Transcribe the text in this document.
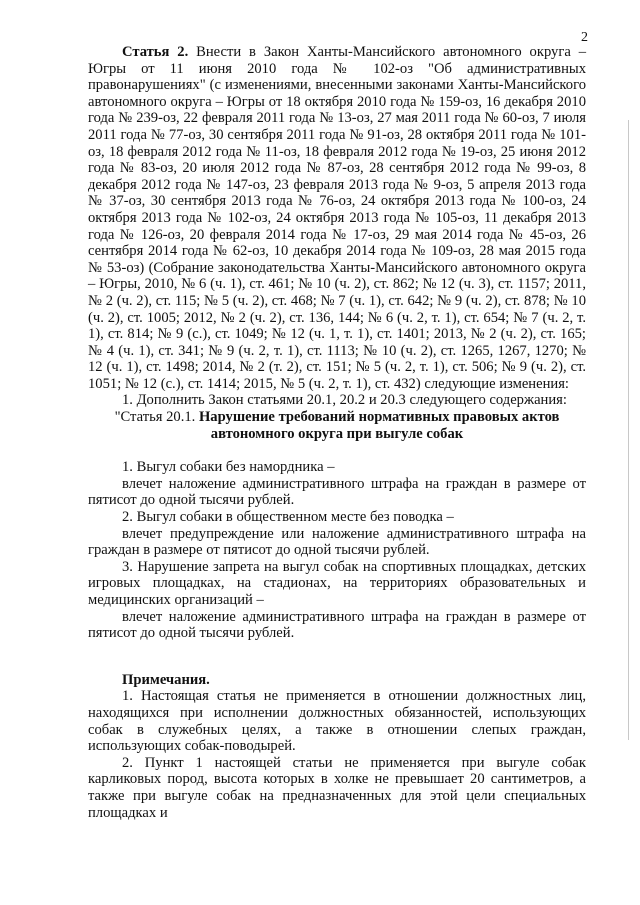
2

Статья 2. Внести в Закон Ханты-Мансийского автономного округа – Югры от 11 июня 2010 года № 102-оз "Об административных правонарушениях" (с изменениями, внесенными законами Ханты-Мансийского автономного округа – Югры от 18 октября 2010 года № 159-оз, 16 декабря 2010 года № 239-оз, 22 февраля 2011 года № 13-оз, 27 мая 2011 года № 60-оз, 7 июля 2011 года № 77-оз, 30 сентября 2011 года № 91-оз, 28 октября 2011 года № 101-оз, 18 февраля 2012 года № 11-оз, 18 февраля 2012 года № 19-оз, 25 июня 2012 года № 83-оз, 20 июля 2012 года № 87-оз, 28 сентября 2012 года № 99-оз, 8 декабря 2012 года № 147-оз, 23 февраля 2013 года № 9-оз, 5 апреля 2013 года № 37-оз, 30 сентября 2013 года № 76-оз, 24 октября 2013 года № 100-оз, 24 октября 2013 года № 102-оз, 24 октября 2013 года № 105-оз, 11 декабря 2013 года № 126-оз, 20 февраля 2014 года № 17-оз, 29 мая 2014 года № 45-оз, 26 сентября 2014 года № 62-оз, 10 декабря 2014 года № 109-оз, 28 мая 2015 года № 53-оз) (Собрание законодательства Ханты-Мансийского автономного округа – Югры, 2010, № 6 (ч. 1), ст. 461; № 10 (ч. 2), ст. 862; № 12 (ч. 3), ст. 1157; 2011, № 2 (ч. 2), ст. 115; № 5 (ч. 2), ст. 468; № 7 (ч. 1), ст. 642; № 9 (ч. 2), ст. 878; № 10 (ч. 2), ст. 1005; 2012, № 2 (ч. 2), ст. 136, 144; № 6 (ч. 2, т. 1), ст. 654; № 7 (ч. 2, т. 1), ст. 814; № 9 (с.), ст. 1049; № 12 (ч. 1, т. 1), ст. 1401; 2013, № 2 (ч. 2), ст. 165; № 4 (ч. 1), ст. 341; № 9 (ч. 2, т. 1), ст. 1113; № 10 (ч. 2), ст. 1265, 1267, 1270; № 12 (ч. 1), ст. 1498; 2014, № 2 (т. 2), ст. 151; № 5 (ч. 2, т. 1), ст. 506; № 9 (ч. 2), ст. 1051; № 12 (с.), ст. 1414; 2015, № 5 (ч. 2, т. 1), ст. 432) следующие изменения:

1. Дополнить Закон статьями 20.1, 20.2 и 20.3 следующего содержания:

"Статья 20.1. Нарушение требований нормативных правовых актов
автономного округа при выгуле собак

1. Выгул собаки без намордника –

влечет наложение административного штрафа на граждан в размере от пятисот до одной тысячи рублей.

2. Выгул собаки в общественном месте без поводка –

влечет предупреждение или наложение административного штрафа на граждан в размере от пятисот до одной тысячи рублей.

3. Нарушение запрета на выгул собак на спортивных площадках, детских игровых площадках, на стадионах, на территориях образовательных и медицинских организаций –

влечет наложение административного штрафа на граждан в размере от пятисот до одной тысячи рублей.

Примечания.

1. Настоящая статья не применяется в отношении должностных лиц, находящихся при исполнении должностных обязанностей, использующих собак в служебных целях, а также в отношении слепых граждан, использующих собак-поводырей.

2. Пункт 1 настоящей статьи не применяется при выгуле собак карликовых пород, высота которых в холке не превышает 20 сантиметров, а также при выгуле собак на предназначенных для этой цели специальных площадках и
